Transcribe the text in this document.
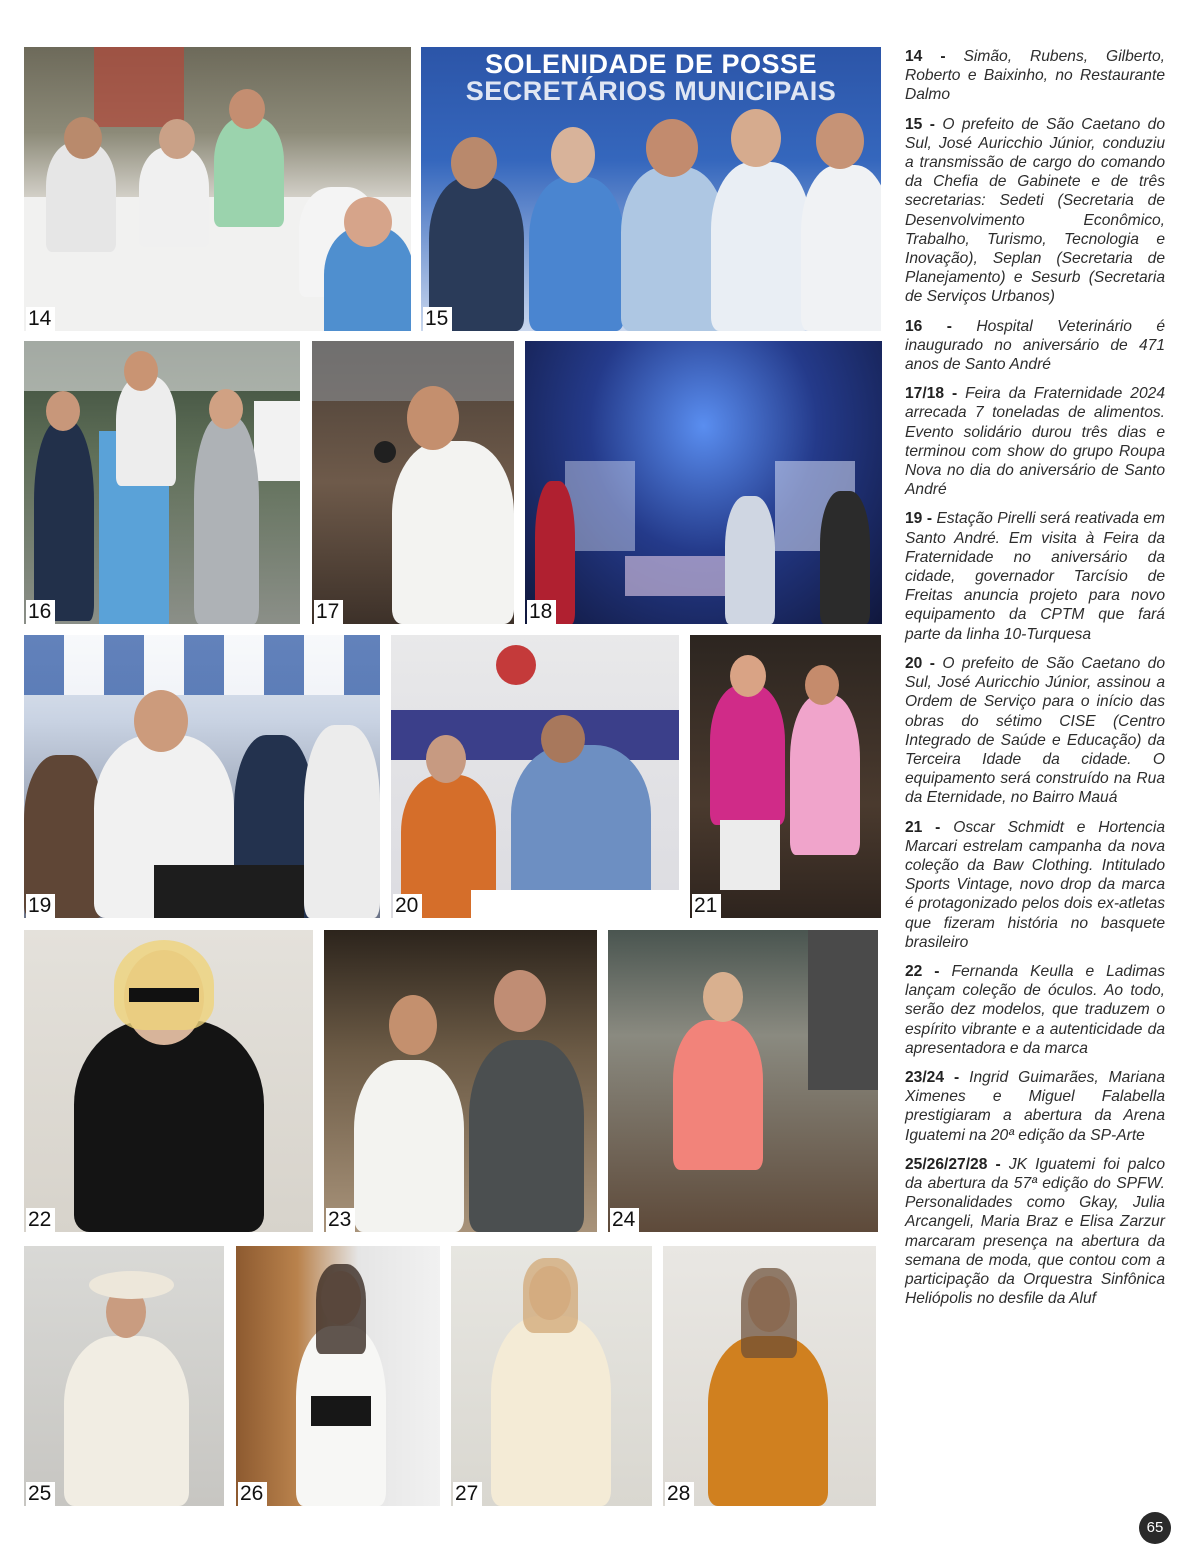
14
SOLENIDADE DE POSSE
SECRETÁRIOS MUNICIPAIS
15
16	17	18
19	20	21
22	23	24
25	26	27	28

14 - Simão, Rubens, Gilberto, Roberto e Baixinho, no Restaurante Dalmo

15 - O prefeito de São Caetano do Sul, José Auricchio Júnior, conduziu a transmissão de cargo do comando da Chefia de Gabinete e de três secretarias: Sedeti (Secretaria de Desenvolvimento Econômico, Trabalho, Turismo, Tecnologia e Inovação), Seplan (Secretaria de Planejamento) e Sesurb (Secretaria de Serviços Urbanos)

16 - Hospital Veterinário é inaugurado no aniversário de 471 anos de Santo André

17/18 - Feira da Fraternidade 2024 arrecada 7 toneladas de alimentos. Evento solidário durou três dias e terminou com show do grupo Roupa Nova no dia do aniversário de Santo André

19 - Estação Pirelli será reativada em Santo André. Em visita à Feira da Fraternidade no aniversário da cidade, governador Tarcísio de Freitas anuncia projeto para novo equipamento da CPTM que fará parte da linha 10-Turquesa

20 - O prefeito de São Caetano do Sul, José Auricchio Júnior, assinou a Ordem de Serviço para o início das obras do sétimo CISE (Centro Integrado de Saúde e Educação) da Terceira Idade da cidade. O equipamento será construído na Rua da Eternidade, no Bairro Mauá

21 - Oscar Schmidt e Hortencia Marcari estrelam campanha da nova coleção da Baw Clothing. Intitulado Sports Vintage, novo drop da marca é protagonizado pelos dois ex-atletas que fizeram história no basquete brasileiro

22 - Fernanda Keulla e Ladimas lançam coleção de óculos. Ao todo, serão dez modelos, que traduzem o espírito vibrante e a autenticidade da apresentadora e da marca

23/24 - Ingrid Guimarães, Mariana Ximenes e Miguel Falabella prestigiaram a abertura da Arena Iguatemi na 20ª edição da SP-Arte

25/26/27/28 - JK Iguatemi foi palco da abertura da 57ª edição do SPFW. Personalidades como Gkay, Julia Arcangeli, Maria Braz e Elisa Zarzur marcaram presença na abertura da semana de moda, que contou com a participação da Orquestra Sinfônica Heliópolis no desfile da Aluf

65
